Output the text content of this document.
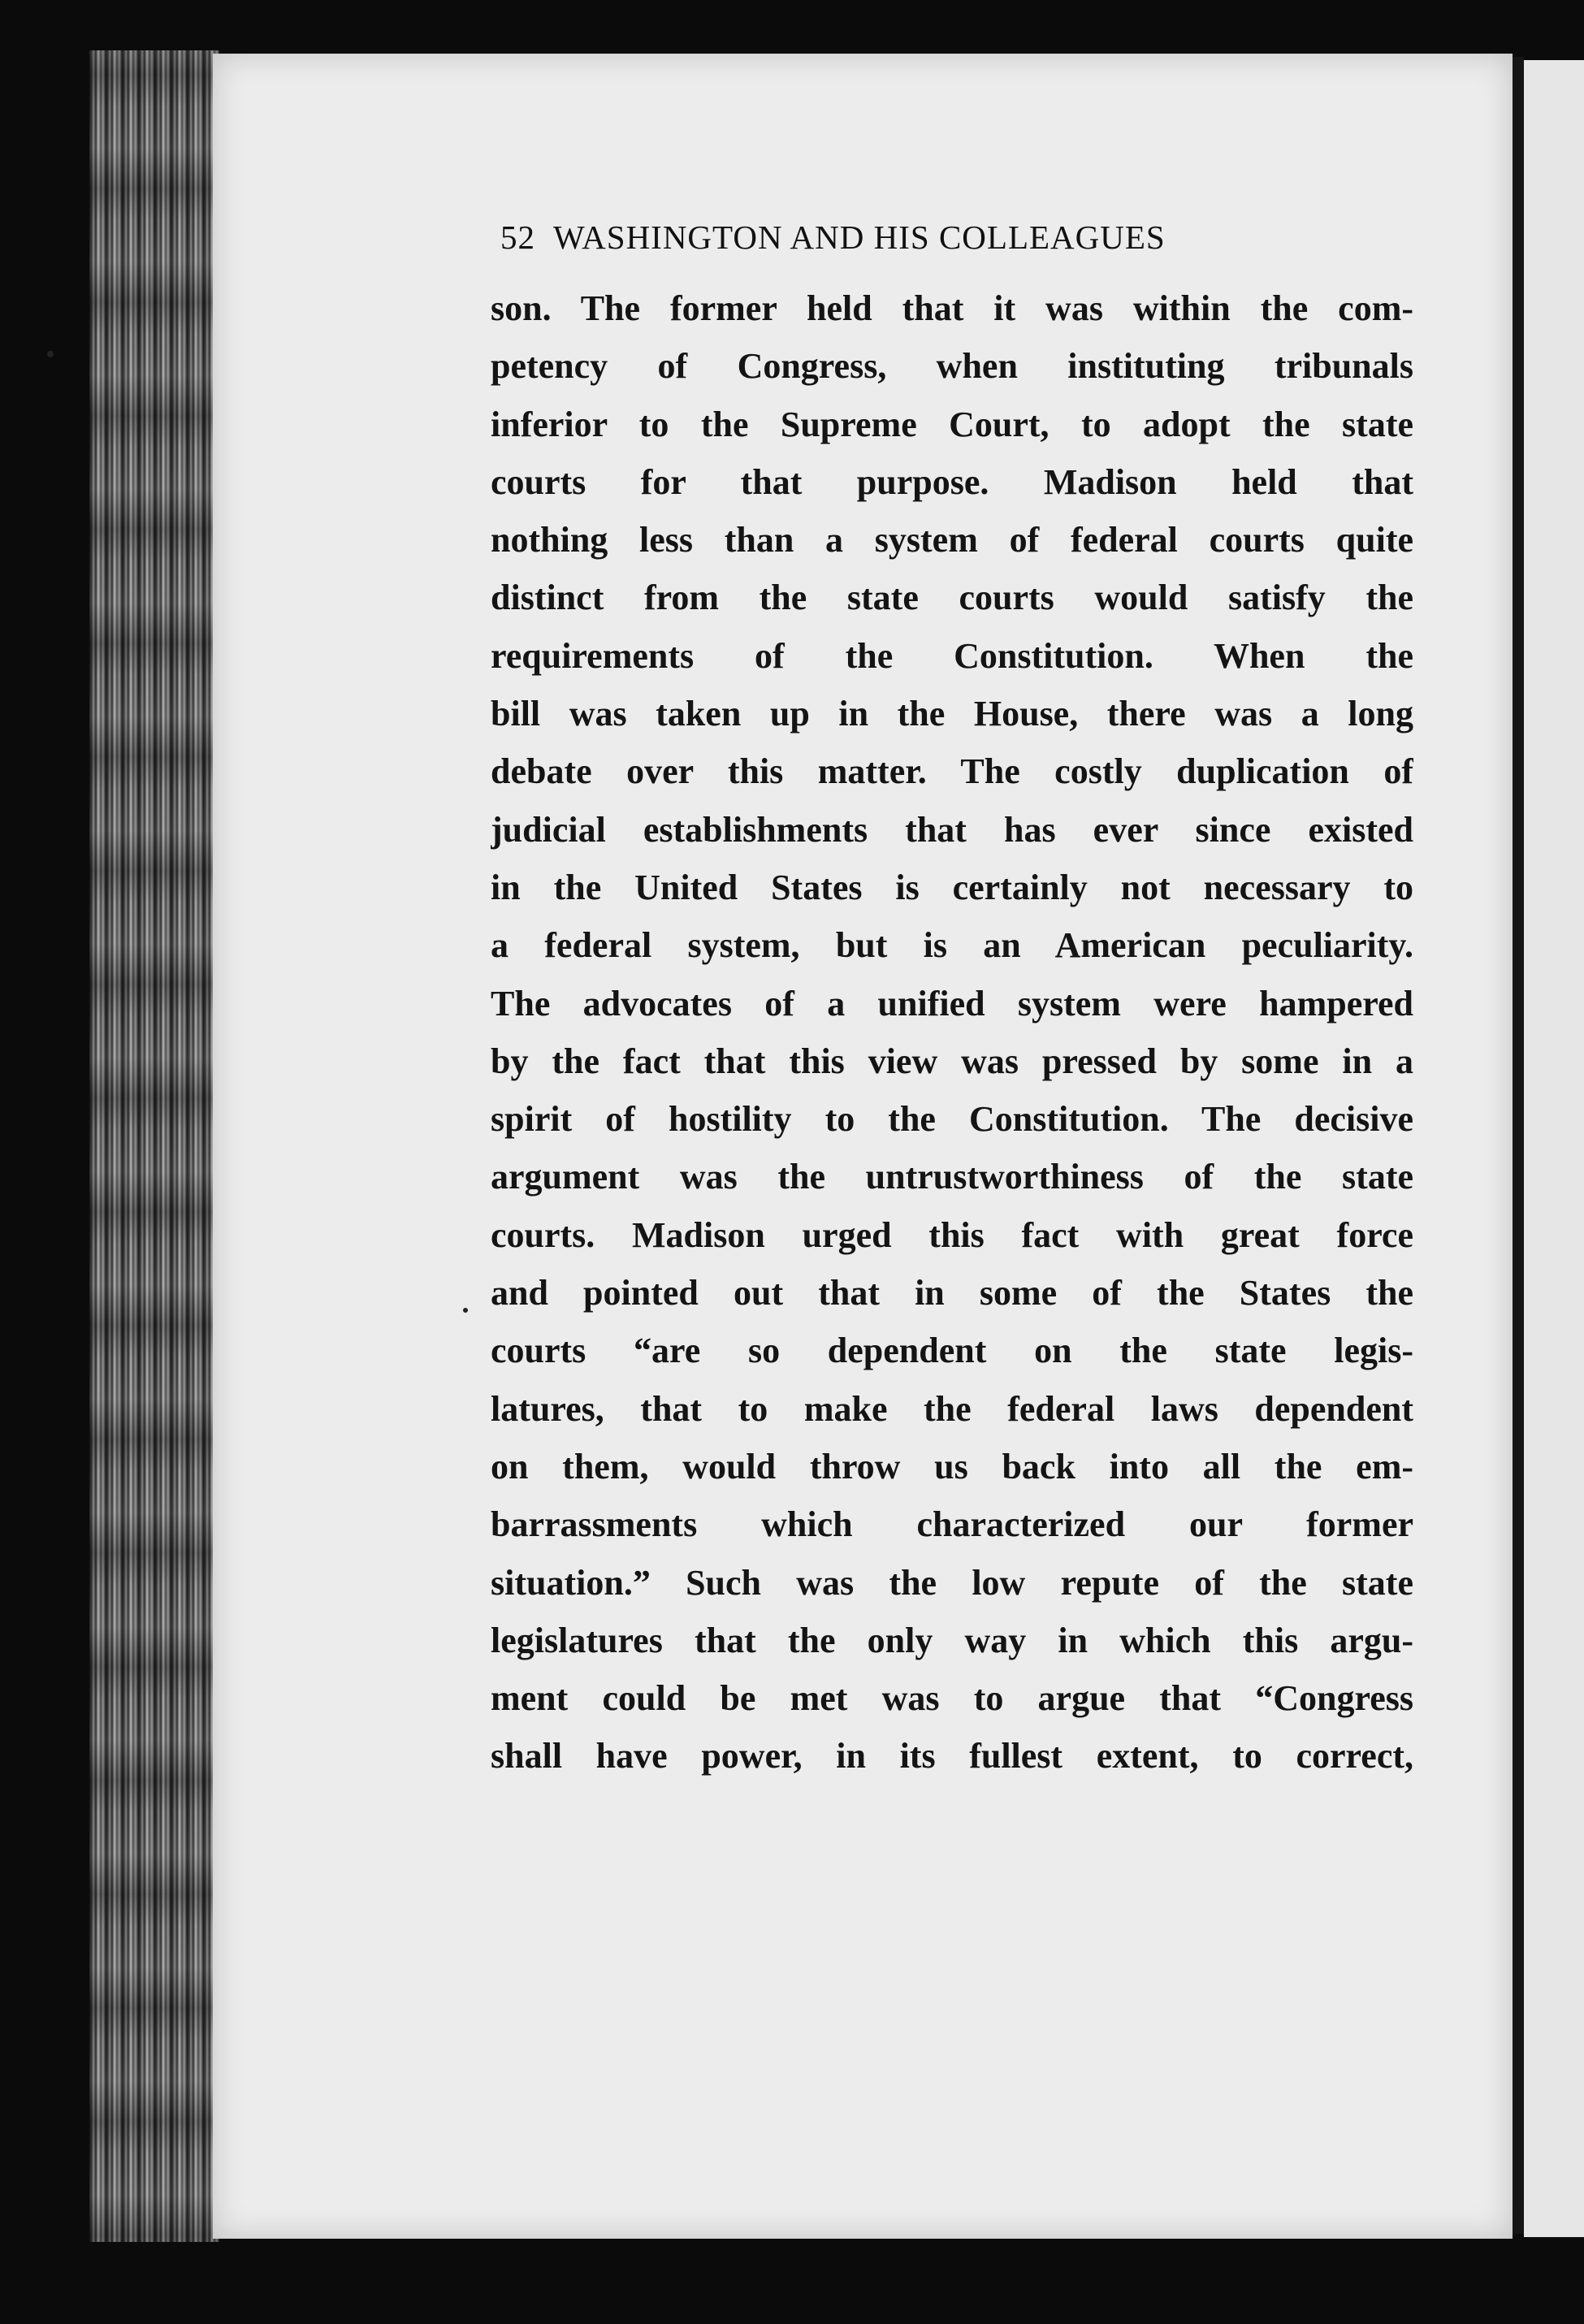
52 WASHINGTON AND HIS COLLEAGUES
son. The former held that it was within the com-
petency of Congress, when instituting tribunals
inferior to the Supreme Court, to adopt the state
courts for that purpose. Madison held that
nothing less than a system of federal courts quite
distinct from the state courts would satisfy the
requirements of the Constitution. When the
bill was taken up in the House, there was a long
debate over this matter. The costly duplication of
judicial establishments that has ever since existed
in the United States is certainly not necessary to
a federal system, but is an American peculiarity.
The advocates of a unified system were hampered
by the fact that this view was pressed by some in a
spirit of hostility to the Constitution. The decisive
argument was the untrustworthiness of the state
courts. Madison urged this fact with great force
and pointed out that in some of the States the
courts “are so dependent on the state legis-
latures, that to make the federal laws dependent
on them, would throw us back into all the em-
barrassments which characterized our former
situation.” Such was the low repute of the state
legislatures that the only way in which this argu-
ment could be met was to argue that “Congress
shall have power, in its fullest extent, to correct,
